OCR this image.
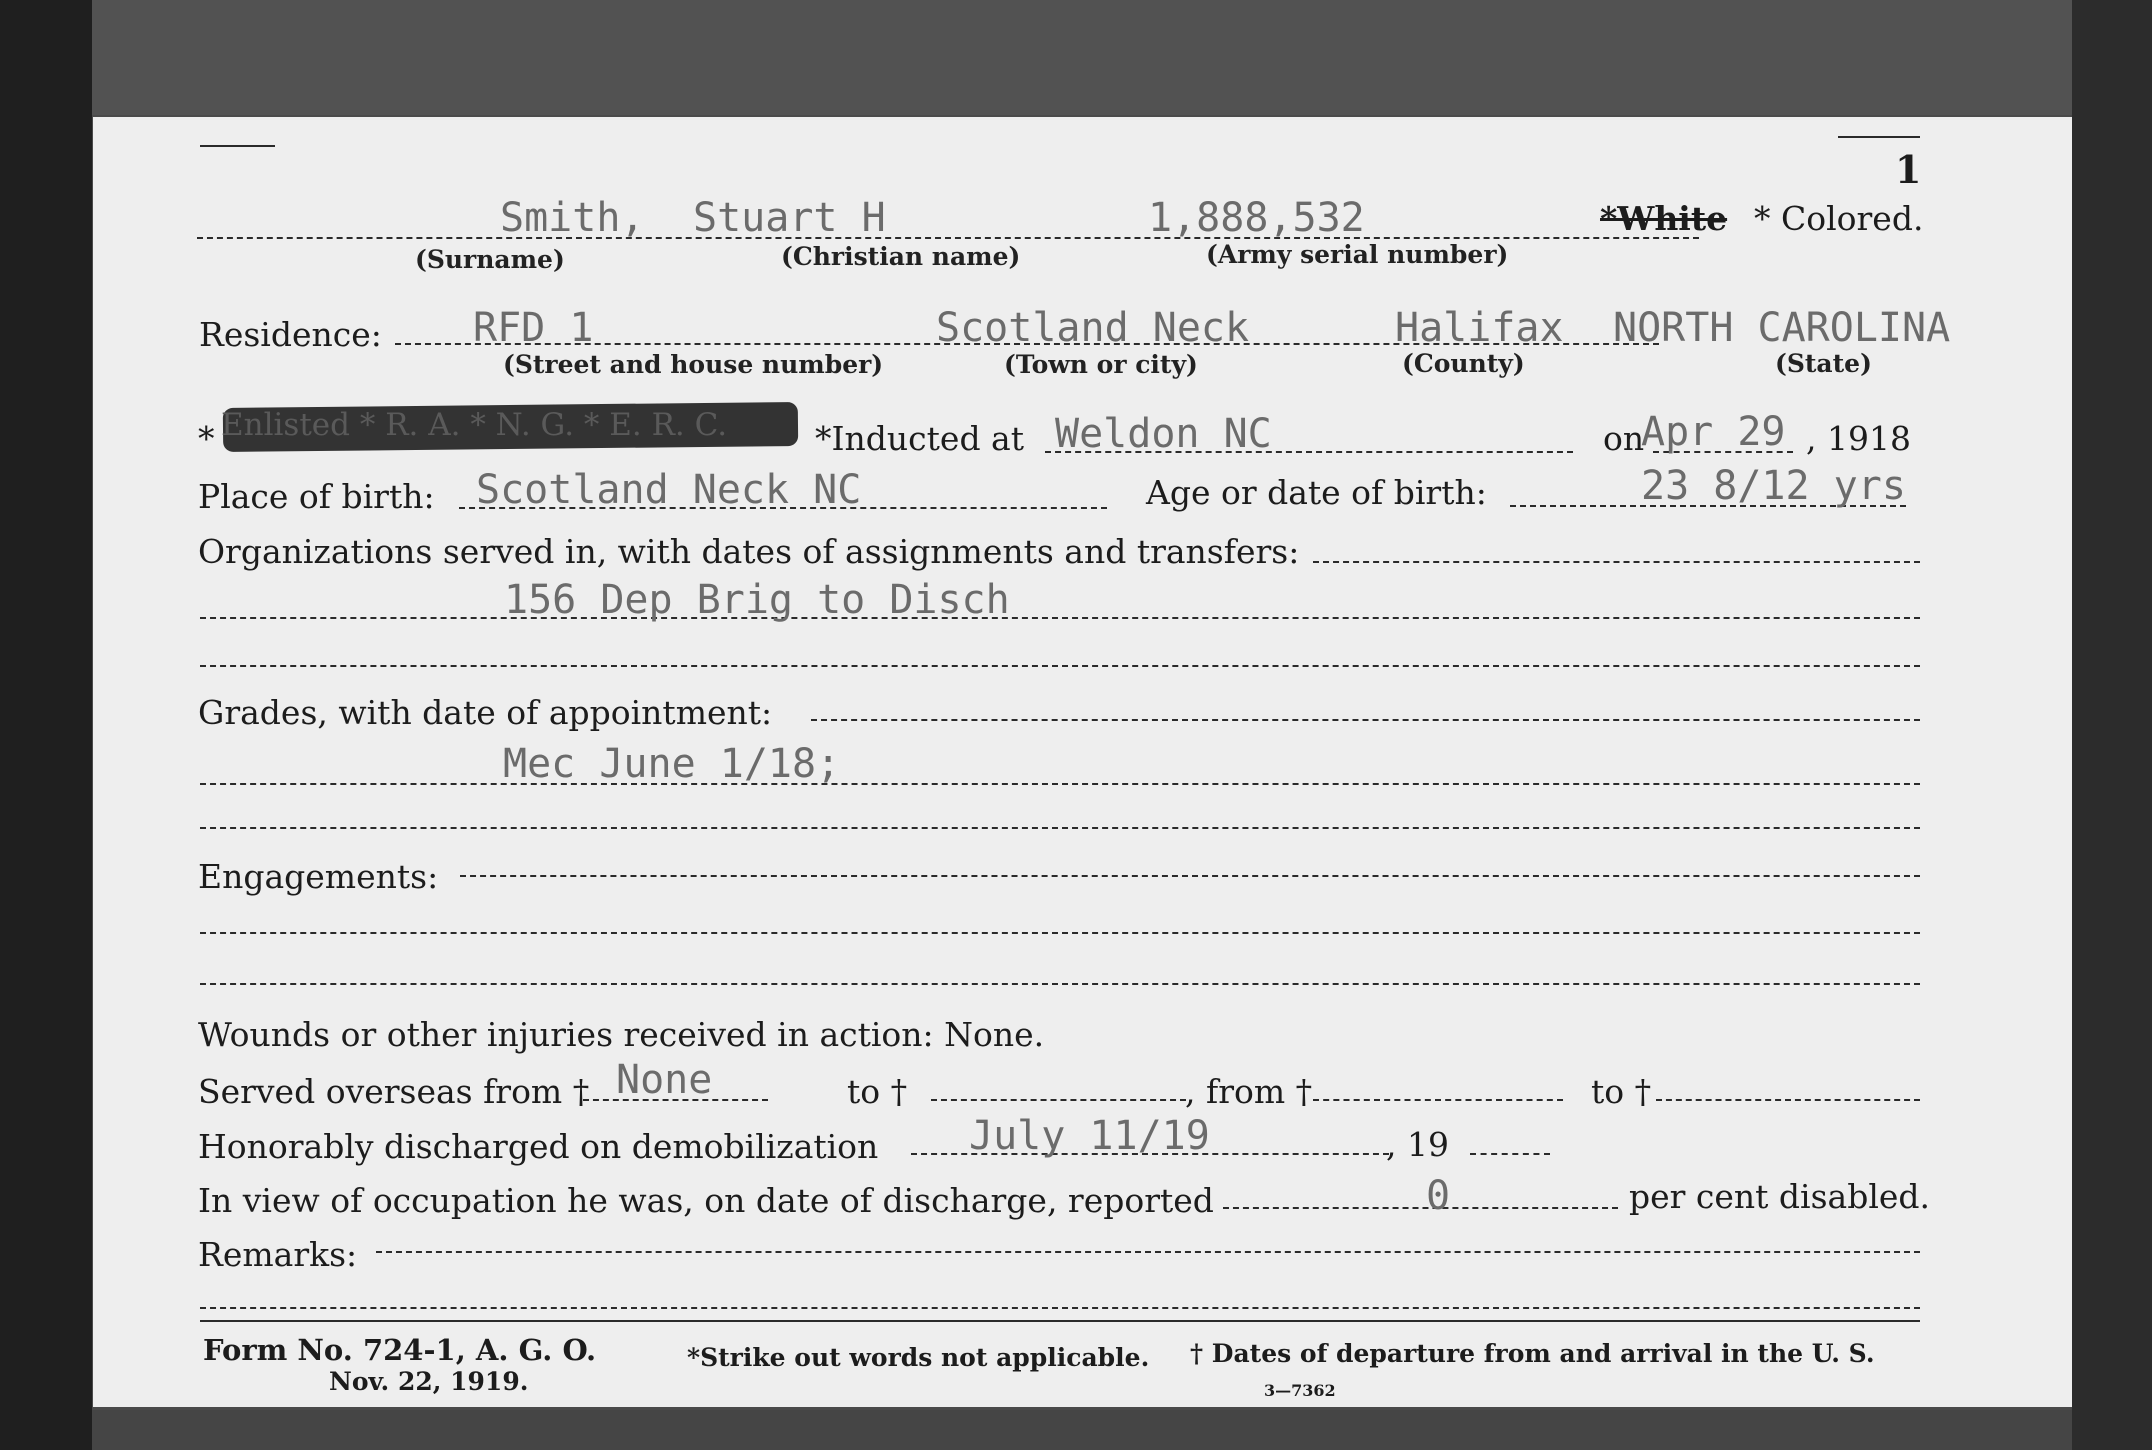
1
Smith, Stuart H	1,888,532	*White * Colored.
(Surname)	(Christian name)	(Army serial number)
Residence: RFD 1	Scotland Neck	Halifax NORTH CAROLINA
(Street and house number)	(Town or city)	(County)	(State)
* Enlisted * R. A. * N. G. * E. R. C.	*Inducted at Weldon NC	on
Apr 29 , 1918
Place of birth: Scotland Neck NC	Age or date of birth:	23 8/12 yrs
Organizations served in, with dates of assignments and transfers:
156 Dep Brig to Disch
Grades, with date of appointment:
Mec June 1/18;
Engagements:
Wounds or other injuries received in action: None.
Served overseas from † None	to †	, from †	to †
Honorably discharged on demobilization July 11/19	, 19
In view of occupation he was, on date of discharge, reported	0	per cent disabled.
Remarks:
Form No. 724-1, A. G. O.
Nov. 22, 1919.
*Strike out words not applicable. † Dates of departure from and arrival in the U. S.
3—7362
